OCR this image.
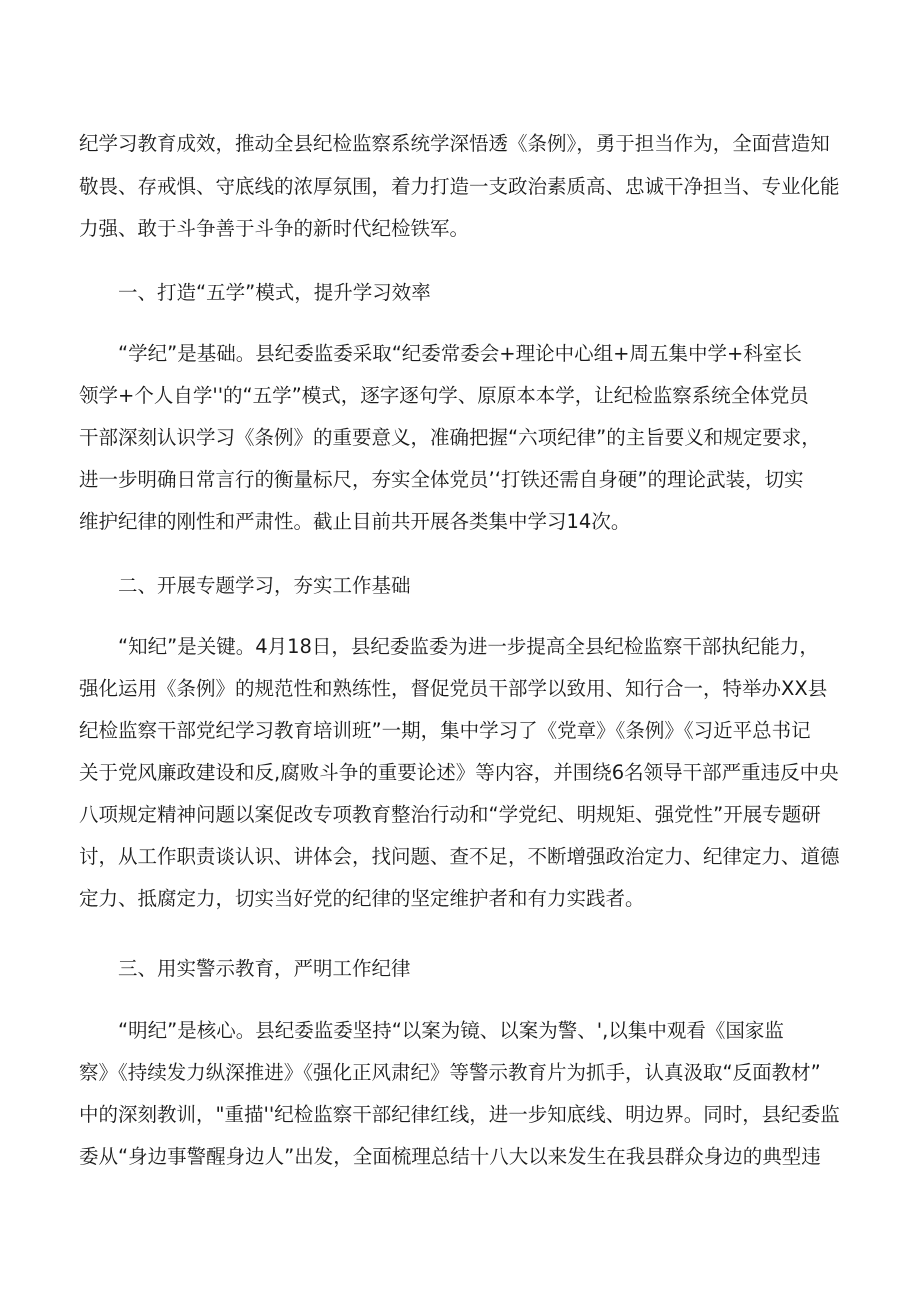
纪学习教育成效，推动全县纪检监察系统学深悟透《条例》，勇于担当作为，全面营造知

敬畏、存戒惧、守底线的浓厚氛围，着力打造一支政治素质高、忠诚干净担当、专业化能

力强、敢于斗争善于斗争的新时代纪检铁军。

一、打造“五学”模式，提升学习效率

“学纪”是基础。县纪委监委采取“纪委常委会+理论中心组+周五集中学+科室长

领学+个人自学''的“五学”模式，逐字逐句学、原原本本学，让纪检监察系统全体党员

干部深刻认识学习《条例》的重要意义，准确把握“六项纪律”的主旨要义和规定要求，

进一步明确日常言行的衡量标尺，夯实全体党员’‘打铁还需自身硬”的理论武装，切实

维护纪律的刚性和严肃性。截止目前共开展各类集中学习14次。

二、开展专题学习，夯实工作基础

“知纪”是关键。4月18日，县纪委监委为进一步提高全县纪检监察干部执纪能力，

强化运用《条例》的规范性和熟练性，督促党员干部学以致用、知行合一，特举办XX县

纪检监察干部党纪学习教育培训班”一期，集中学习了《党章》《条例》《习近平总书记

关于党风廉政建设和反,腐败斗争的重要论述》等内容，并围绕6名领导干部严重违反中央

八项规定精神问题以案促改专项教育整治行动和“学党纪、明规矩、强党性”开展专题研

讨，从工作职责谈认识、讲体会，找问题、查不足，不断增强政治定力、纪律定力、道德

定力、抵腐定力，切实当好党的纪律的坚定维护者和有力实践者。

三、用实警示教育，严明工作纪律

“明纪”是核心。县纪委监委坚持“以案为镜、以案为警、',以集中观看《国家监

察》《持续发力纵深推进》《强化正风肃纪》等警示教育片为抓手，认真汲取“反面教材”

中的深刻教训，"重描''纪检监察干部纪律红线，进一步知底线、明边界。同时，县纪委监

委从“身边事警醒身边人”出发，全面梳理总结十八大以来发生在我县群众身边的典型违
